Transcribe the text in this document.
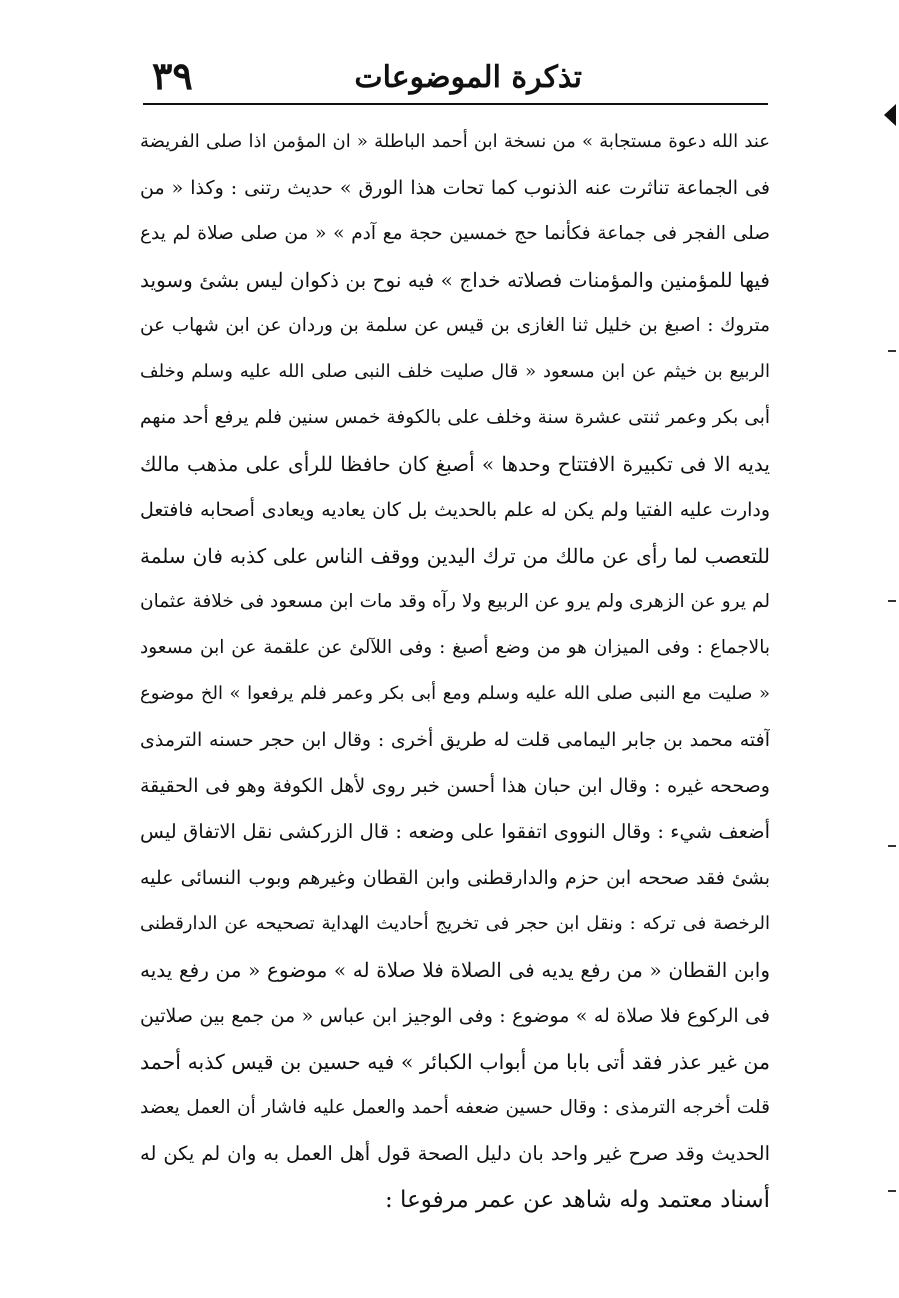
تذكرة الموضوعات
٣٩
عند الله دعوة مستجابة » من نسخة ابن أحمد الباطلة « ان المؤمن اذا صلى الفريضة
فى الجماعة تناثرت عنه الذنوب كما تحات هذا الورق » حديث رتنى : وكذا « من
صلى الفجر فى جماعة فكأنما حج خمسين حجة مع آدم » « من صلى صلاة لم يدع
فيها للمؤمنين والمؤمنات فصلاته خداج » فيه نوح بن ذكوان ليس بشئ وسويد
متروك : اصبغ بن خليل ثنا الغازى بن قيس عن سلمة بن وردان عن ابن شهاب عن
الربيع بن خيثم عن ابن مسعود « قال صليت خلف النبى صلى الله عليه وسلم وخلف
أبى بكر وعمر ثنتى عشرة سنة وخلف على بالكوفة خمس سنين فلم يرفع أحد منهم
يديه الا فى تكبيرة الافتتاح وحدها » أصبغ كان حافظا للرأى على مذهب مالك
ودارت عليه الفتيا ولم يكن له علم بالحديث بل كان يعاديه ويعادى أصحابه فافتعل
للتعصب لما رأى عن مالك من ترك اليدين ووقف الناس على كذبه فان سلمة
لم يرو عن الزهرى ولم يرو عن الربيع ولا رآه وقد مات ابن مسعود فى خلافة عثمان
بالاجماع : وفى الميزان هو من وضع أصبغ : وفى اللآلئ عن علقمة عن ابن مسعود
« صليت مع النبى صلى الله عليه وسلم ومع أبى بكر وعمر فلم يرفعوا » الخ موضوع
آفته محمد بن جابر اليمامى قلت له طريق أخرى : وقال ابن حجر حسنه الترمذى
وصححه غيره : وقال ابن حبان هذا أحسن خبر روى لأهل الكوفة وهو فى الحقيقة
أضعف شيء : وقال النووى اتفقوا على وضعه : قال الزركشى نقل الاتفاق ليس
بشئ فقد صححه ابن حزم والدارقطنى وابن القطان وغيرهم وبوب النسائى عليه
الرخصة فى تركه : ونقل ابن حجر فى تخريج أحاديث الهداية تصحيحه عن الدارقطنى
وابن القطان « من رفع يديه فى الصلاة فلا صلاة له » موضوع « من رفع يديه
فى الركوع فلا صلاة له » موضوع : وفى الوجيز ابن عباس « من جمع بين صلاتين
من غير عذر فقد أتى بابا من أبواب الكبائر » فيه حسين بن قيس كذبه أحمد
قلت أخرجه الترمذى : وقال حسين ضعفه أحمد والعمل عليه فاشار أن العمل يعضد
الحديث وقد صرح غير واحد بان دليل الصحة قول أهل العمل به وان لم يكن له
أسناد معتمد وله شاهد عن عمر مرفوعا :
